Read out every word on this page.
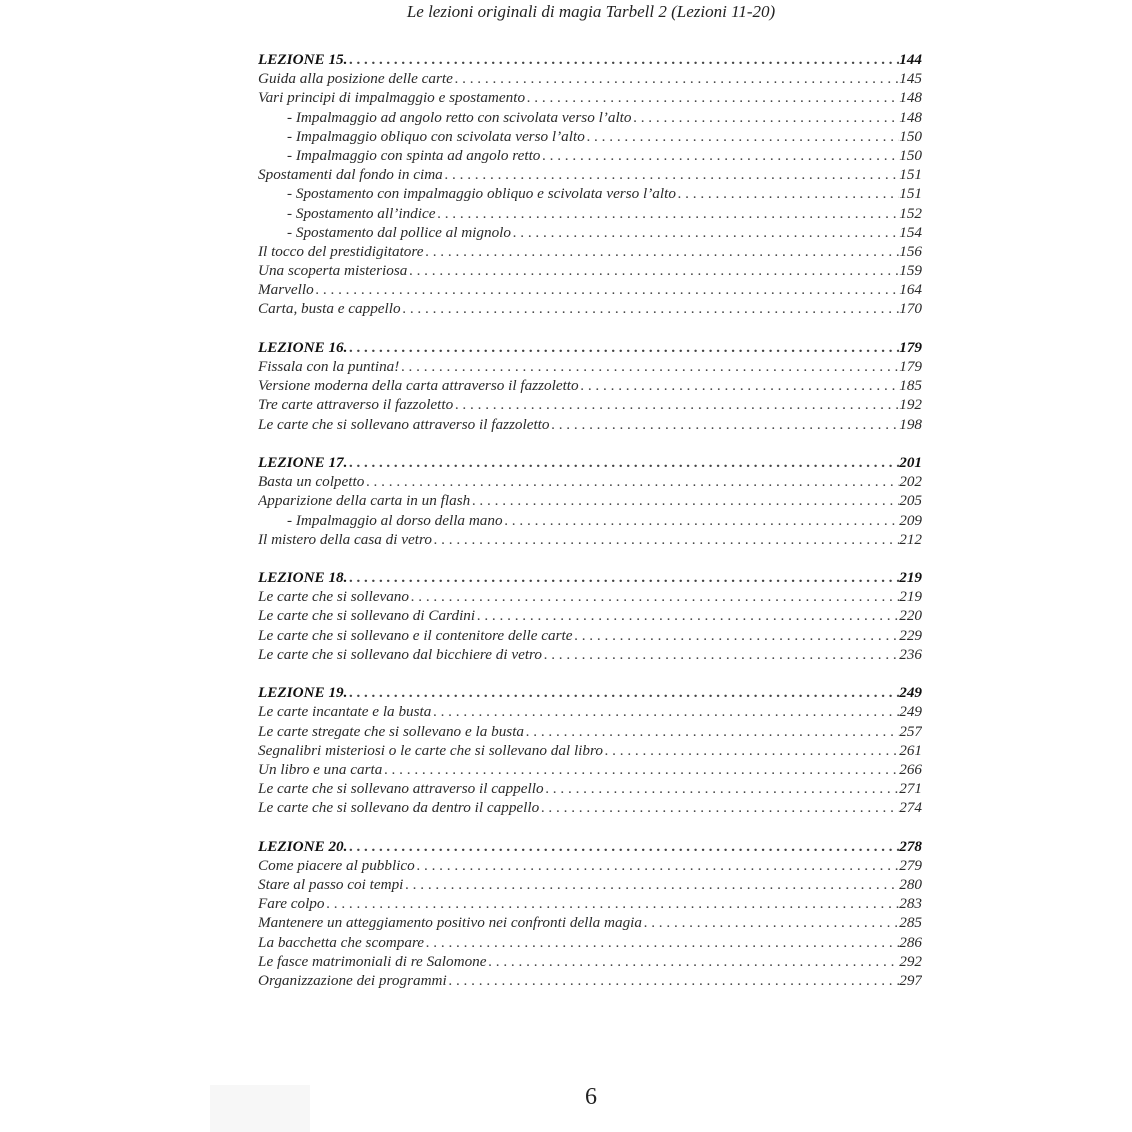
Le lezioni originali di magia Tarbell 2 (Lezioni 11-20)
LEZIONE 15. .....	144
Guida alla posizione delle carte . . .	145
Vari principi di impalmaggio e spostamento . . .	148
- Impalmaggio ad angolo retto con scivolata verso l’alto . . .	148
- Impalmaggio obliquo con scivolata verso l’alto . . .	150
- Impalmaggio con spinta ad angolo retto . . .	150
Spostamenti dal fondo in cima . . .	151
- Spostamento con impalmaggio obliquo e scivolata verso l’alto . . .	151
- Spostamento all’indice . . .	152
- Spostamento dal pollice al mignolo . . .	154
Il tocco del prestidigitatore . . .	156
Una scoperta misteriosa . . .	159
Marvello . . .	164
Carta, busta e cappello . . .	170
LEZIONE 16. .....	179
Fissala con la puntina! . . .	179
Versione moderna della carta attraverso il fazzoletto . . .	185
Tre carte attraverso il fazzoletto . . .	192
Le carte che si sollevano attraverso il fazzoletto . . .	198
LEZIONE 17. .....	201
Basta un colpetto . . .	202
Apparizione della carta in un flash . . .	205
- Impalmaggio al dorso della mano . . .	209
Il mistero della casa di vetro . . .	212
LEZIONE 18. .....	219
Le carte che si sollevano . . .	219
Le carte che si sollevano di Cardini . . .	220
Le carte che si sollevano e il contenitore delle carte . . .	229
Le carte che si sollevano dal bicchiere di vetro . . .	236
LEZIONE 19. .....	249
Le carte incantate e la busta . . .	249
Le carte stregate che si sollevano e la busta . . .	257
Segnalibri misteriosi o le carte che si sollevano dal libro . . .	261
Un libro e una carta . . .	266
Le carte che si sollevano attraverso il cappello . . .	271
Le carte che si sollevano da dentro il cappello . . .	274
LEZIONE 20. .....	278
Come piacere al pubblico . . .	279
Stare al passo coi tempi . . .	280
Fare colpo . . .	283
Mantenere un atteggiamento positivo nei confronti della magia . . .	285
La bacchetta che scompare . . .	286
Le fasce matrimoniali di re Salomone . . .	292
Organizzazione dei programmi . . .	297
6
